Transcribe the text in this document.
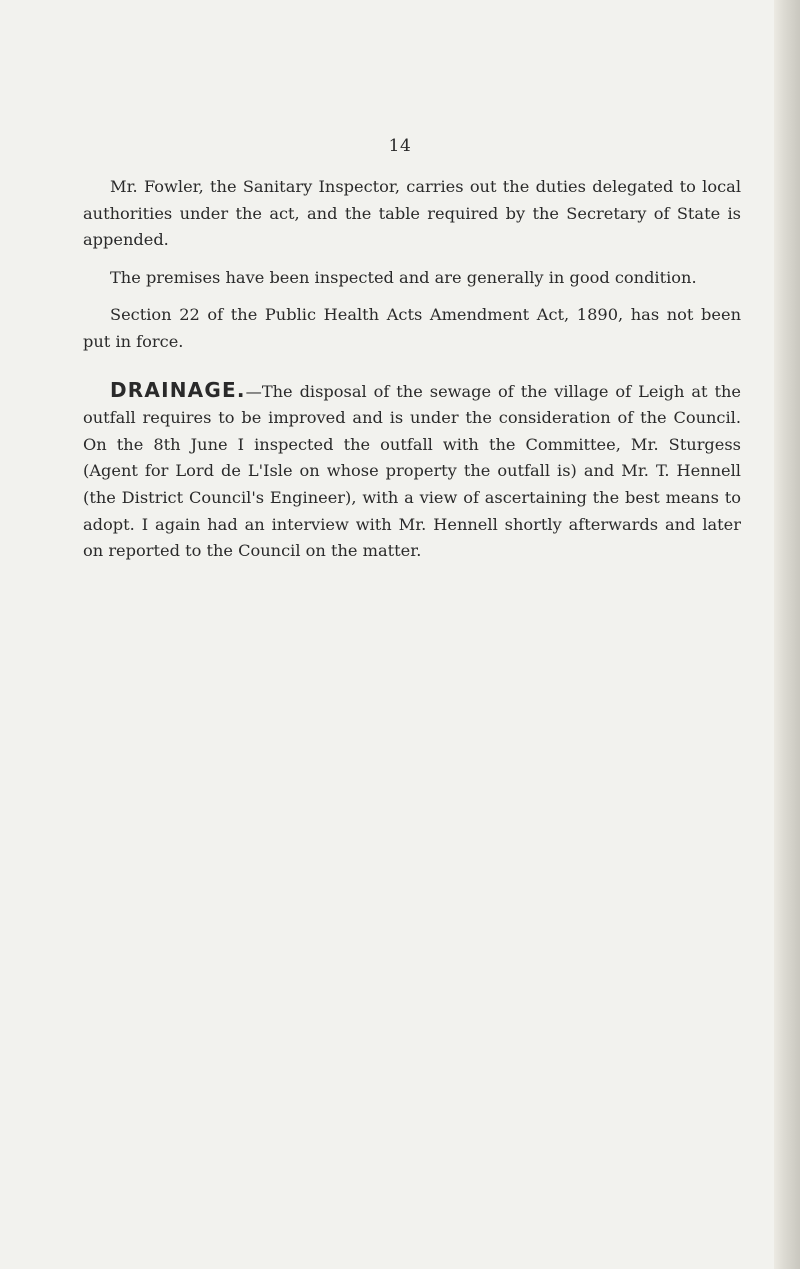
14

Mr. Fowler, the Sanitary Inspector, carries out the duties delegated to local authorities under the act, and the table required by the Secretary of State is appended.

The premises have been inspected and are generally in good condition.

Section 22 of the Public Health Acts Amendment Act, 1890, has not been put in force.

DRAINAGE.—The disposal of the sewage of the village of Leigh at the outfall requires to be improved and is under the consideration of the Council. On the 8th June I inspected the outfall with the Committee, Mr. Sturgess (Agent for Lord de L'Isle on whose property the outfall is) and Mr. T. Hennell (the District Council's Engineer), with a view of ascertaining the best means to adopt. I again had an interview with Mr. Hennell shortly afterwards and later on reported to the Council on the matter.
